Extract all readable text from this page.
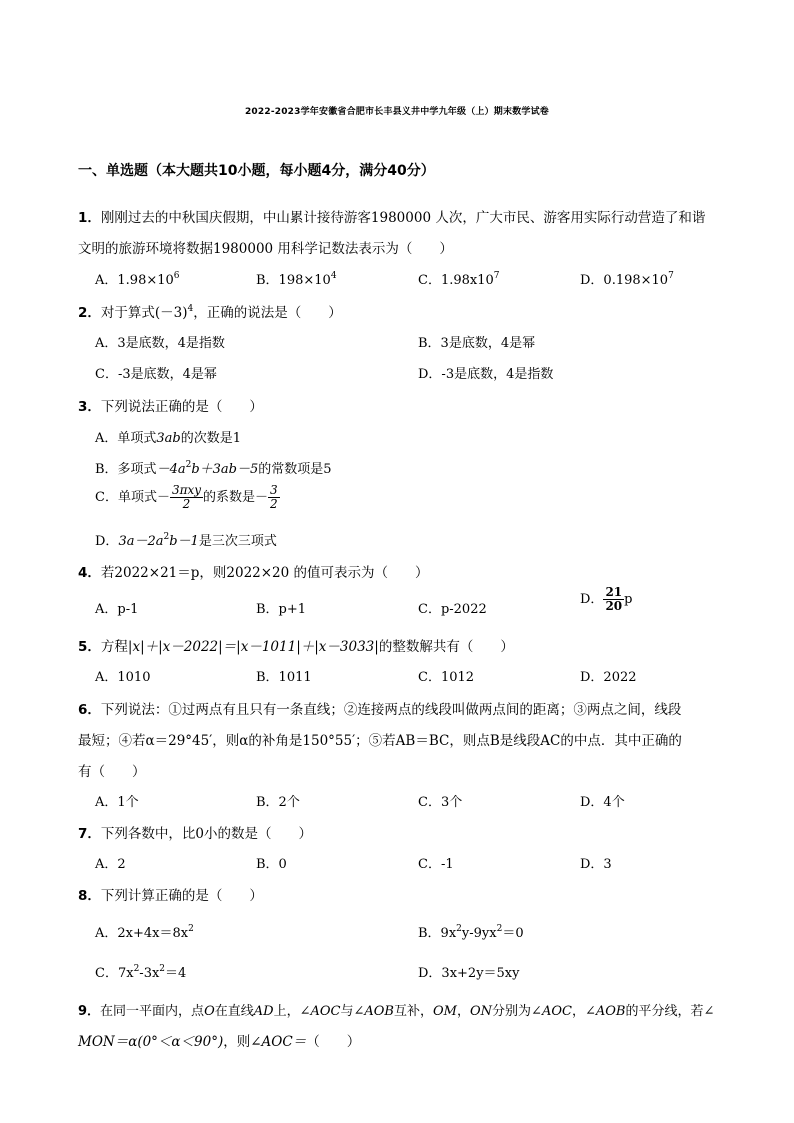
2022-2023学年安徽省合肥市长丰县义井中学九年级（上）期末数学试卷
一、单选题（本大题共10小题，每小题4分，满分40分）
1．刚刚过去的中秋国庆假期，中山累计接待游客1980000 人次，广大市民、游客用实际行动营造了和谐
文明的旅游环境将数据1980000 用科学记数法表示为（　　）
A．$1.98\times 10^6$	B．$198\times 10^4$	C．$1.98x10^7$	D．$0.198\times 10^7$
2．对于算式$(-3)^4$，正确的说法是（　　）
A．3是底数，4是指数	B．3是底数，4是幂
C．-3是底数，4是幂	D．-3是底数，4是指数
3．下列说法正确的是（　　）
A．单项式3ab的次数是1
B．多项式$-4a^2b+3ab-5$的常数项是5
C．单项式－ $\frac{\text{3πxy}}{2}$ 的系数是－ $\frac{3}{2}$
D．$3a-2a^2b-1$是三次三项式
4．若2022×21＝p，则2022×20 的值可表示为（　　）
A．p-1	B．p+1	C．p-2022
D． $\frac{21}{20}$ p
5．方程|x|＋|x－2022|＝|x－1011|＋|x－3033|的整数解共有（　　）
A．1010	B．1011	C．1012	D．2022
6．下列说法：①过两点有且只有一条直线；②连接两点的线段叫做两点间的距离；③两点之间，线段
最短；④若α＝29°45′，则α的补角是150°55′；⑤若AB＝BC，则点B是线段AC的中点．其中正确的
有（　　）
A．1个	B．2个	C．3个	D．4个
7．下列各数中，比0小的数是（　　）
A．2	B．0	C．-1	D．3
8．下列计算正确的是（　　）
A．$2x+4x=8x^2$	B．$9x^2y-9yx^2=0$
C．$7x^2-3x^2=4$	D．3x+2y＝5xy
9．在同一平面内，点O在直线AD上，∠AOC与∠AOB互补，OM，ON分别为∠AOC，∠AOB的平分线，若∠
MON＝α(0°＜α＜90°)，则∠AOC＝（　　）
